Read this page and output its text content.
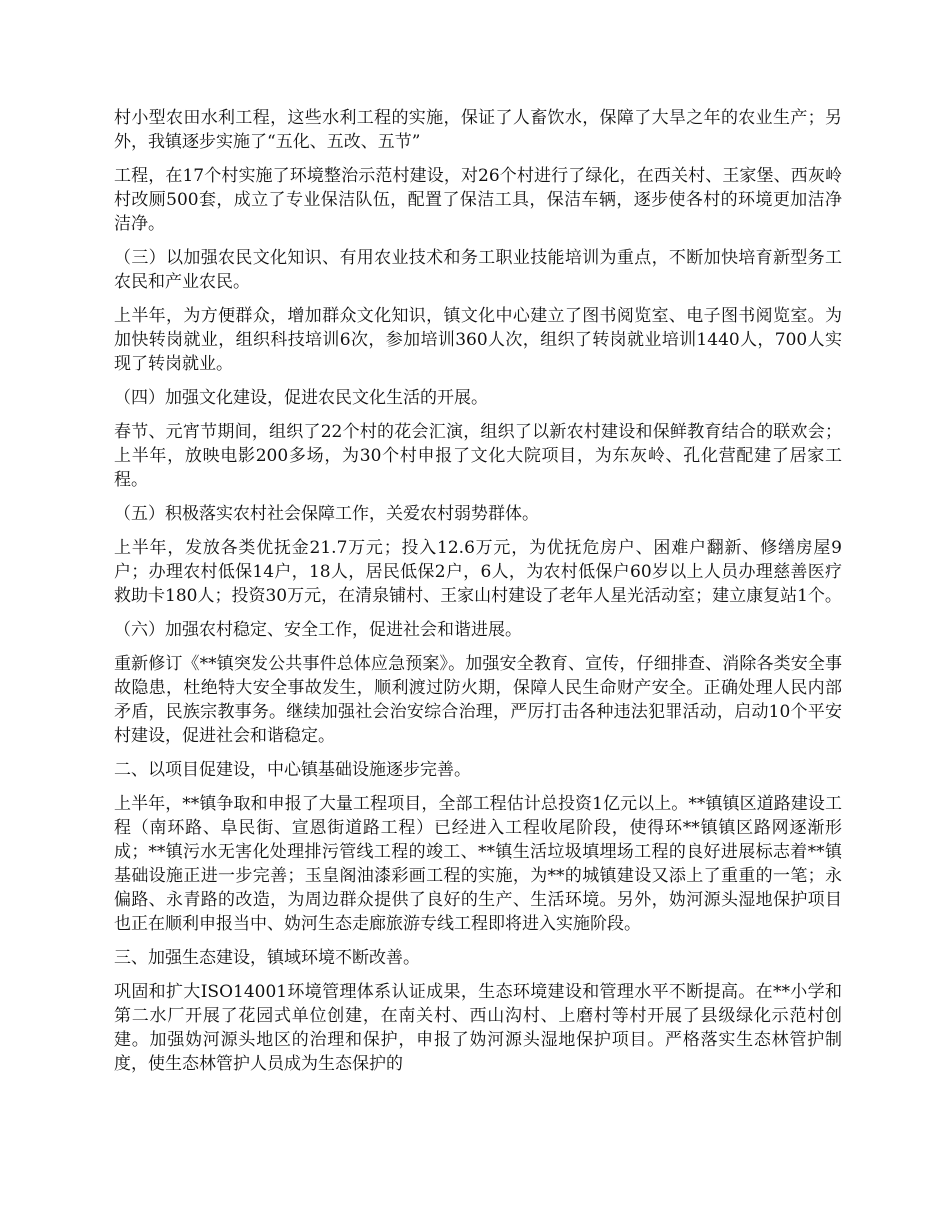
村小型农田水利工程，这些水利工程的实施，保证了人畜饮水，保障了大旱之年的农业生产；另外，我镇逐步实施了“五化、五改、五节”

工程，在17个村实施了环境整治示范村建设，对26个村进行了绿化，在西关村、王家堡、西灰岭村改厕500套，成立了专业保洁队伍，配置了保洁工具，保洁车辆，逐步使各村的环境更加洁净洁净。

（三）以加强农民文化知识、有用农业技术和务工职业技能培训为重点，不断加快培育新型务工农民和产业农民。

上半年，为方便群众，增加群众文化知识，镇文化中心建立了图书阅览室、电子图书阅览室。为加快转岗就业，组织科技培训6次，参加培训360人次，组织了转岗就业培训1440人，700人实现了转岗就业。

（四）加强文化建设，促进农民文化生活的开展。

春节、元宵节期间，组织了22个村的花会汇演，组织了以新农村建设和保鲜教育结合的联欢会；上半年，放映电影200多场，为30个村申报了文化大院项目，为东灰岭、孔化营配建了居家工程。

（五）积极落实农村社会保障工作，关爱农村弱势群体。

上半年，发放各类优抚金21.7万元；投入12.6万元，为优抚危房户、困难户翻新、修缮房屋9户；办理农村低保14户，18人，居民低保2户，6人，为农村低保户60岁以上人员办理慈善医疗救助卡180人；投资30万元，在清泉铺村、王家山村建设了老年人星光活动室；建立康复站1个。

（六）加强农村稳定、安全工作，促进社会和谐进展。

重新修订《**镇突发公共事件总体应急预案》。加强安全教育、宣传，仔细排查、消除各类安全事故隐患，杜绝特大安全事故发生，顺利渡过防火期，保障人民生命财产安全。正确处理人民内部矛盾，民族宗教事务。继续加强社会治安综合治理，严厉打击各种违法犯罪活动，启动10个平安村建设，促进社会和谐稳定。

二、以项目促建设，中心镇基础设施逐步完善。

上半年，**镇争取和申报了大量工程项目，全部工程估计总投资1亿元以上。**镇镇区道路建设工程（南环路、阜民街、宣恩街道路工程）已经进入工程收尾阶段，使得环**镇镇区路网逐渐形成；**镇污水无害化处理排污管线工程的竣工、**镇生活垃圾填埋场工程的良好进展标志着**镇基础设施正进一步完善；玉皇阁油漆彩画工程的实施，为**的城镇建设又添上了重重的一笔；永偏路、永青路的改造，为周边群众提供了良好的生产、生活环境。另外，妫河源头湿地保护项目也正在顺利申报当中、妫河生态走廊旅游专线工程即将进入实施阶段。

三、加强生态建设，镇域环境不断改善。

巩固和扩大ISO14001环境管理体系认证成果，生态环境建设和管理水平不断提高。在**小学和第二水厂开展了花园式单位创建，在南关村、西山沟村、上磨村等村开展了县级绿化示范村创建。加强妫河源头地区的治理和保护，申报了妫河源头湿地保护项目。严格落实生态林管护制度，使生态林管护人员成为生态保护的
